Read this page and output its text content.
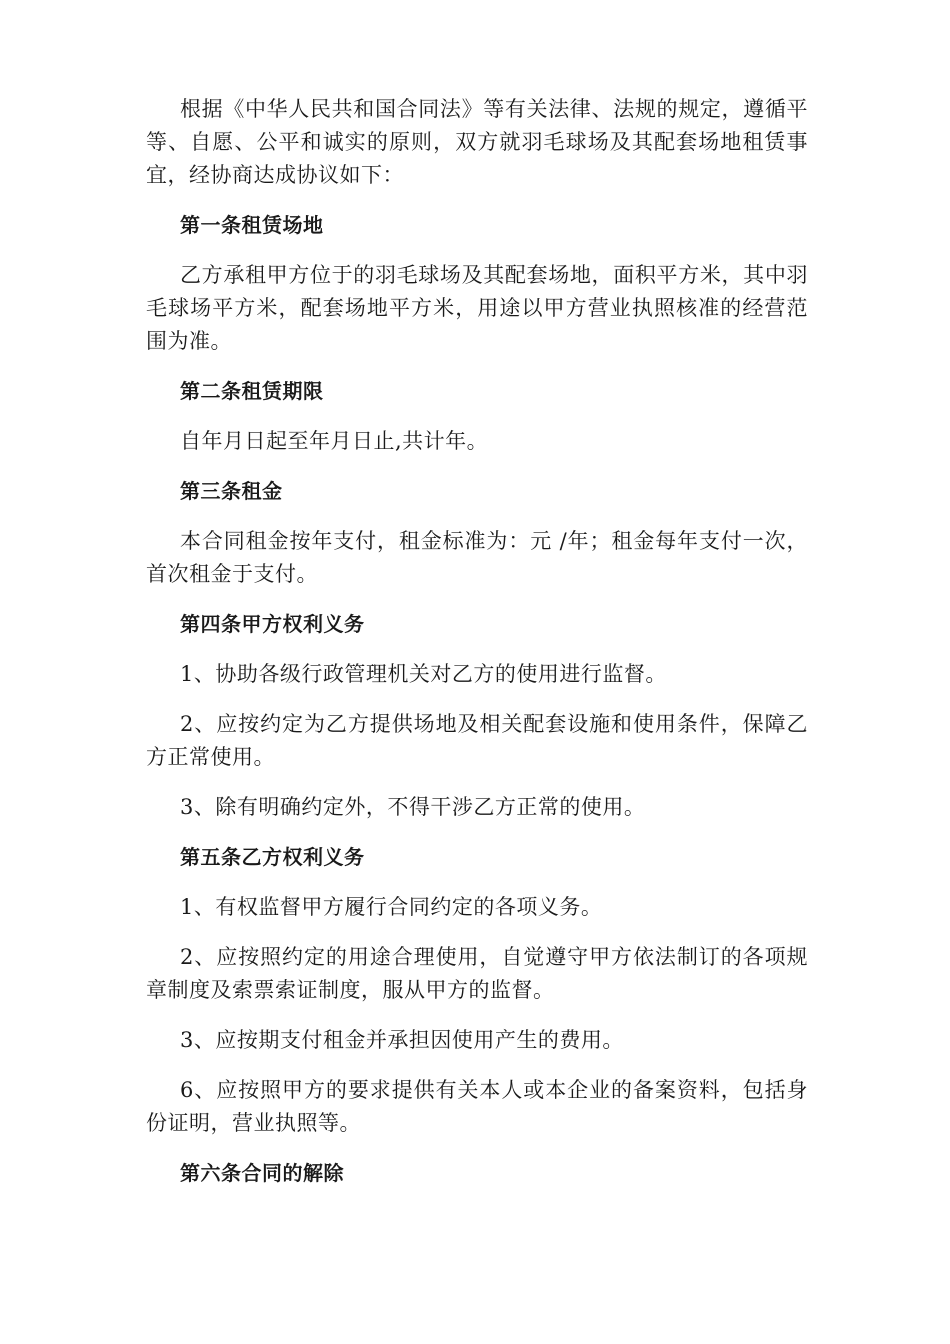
根据《中华人民共和国合同法》等有关法律、法规的规定，遵循平等、自愿、公平和诚实的原则，双方就羽毛球场及其配套场地租赁事宜，经协商达成协议如下：

第一条租赁场地

乙方承租甲方位于的羽毛球场及其配套场地，面积平方米，其中羽毛球场平方米，配套场地平方米，用途以甲方营业执照核准的经营范围为准。

第二条租赁期限

自年月日起至年月日止,共计年。

第三条租金

本合同租金按年支付，租金标准为：元 /年；租金每年支付一次，首次租金于支付。

第四条甲方权利义务

1、协助各级行政管理机关对乙方的使用进行监督。

2、应按约定为乙方提供场地及相关配套设施和使用条件，保障乙方正常使用。

3、除有明确约定外，不得干涉乙方正常的使用。

第五条乙方权利义务

1、有权监督甲方履行合同约定的各项义务。

2、应按照约定的用途合理使用，自觉遵守甲方依法制订的各项规章制度及索票索证制度，服从甲方的监督。

3、应按期支付租金并承担因使用产生的费用。

6、应按照甲方的要求提供有关本人或本企业的备案资料，包括身份证明，营业执照等。

第六条合同的解除
